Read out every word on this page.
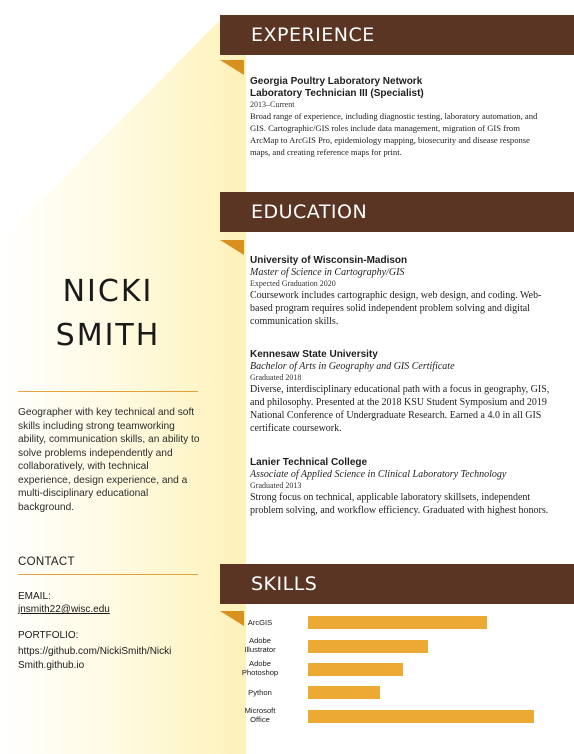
NICKI
SMITH
Geographer with key technical and soft skills including strong teamworking ability, communication skills, an ability to solve problems independently and collaboratively, with technical experience, design experience, and a multi-disciplinary educational background.
CONTACT
EMAIL:
jnsmith22@wisc.edu
PORTFOLIO:
https://github.com/NickiSmith/Nicki
Smith.github.io
EXPERIENCE
Georgia Poultry Laboratory Network
Laboratory Technician III (Specialist)
2013–Current
Broad range of experience, including diagnostic testing, laboratory automation, and GIS. Cartographic/GIS roles include data management, migration of GIS from ArcMap to ArcGIS Pro, epidemiology mapping, biosecurity and disease response maps, and creating reference maps for print.
EDUCATION
University of Wisconsin-Madison
Master of Science in Cartography/GIS
Expected Graduation 2020
Coursework includes cartographic design, web design, and coding. Web-based program requires solid independent problem solving and digital communication skills.
Kennesaw State University
Bachelor of Arts in Geography and GIS Certificate
Graduated 2018
Diverse, interdisciplinary educational path with a focus in geography, GIS, and philosophy. Presented at the 2018 KSU Student Symposium and 2019 National Conference of Undergraduate Research. Earned a 4.0 in all GIS certificate coursework.
Lanier Technical College
Associate of Applied Science in Clinical Laboratory Technology
Graduated 2013
Strong focus on technical, applicable laboratory skillsets, independent problem solving, and workflow efficiency. Graduated with highest honors.
SKILLS
ArcGIS
Adobe
Illustrator
Adobe
Photoshop
Python
Microsoft
Office
